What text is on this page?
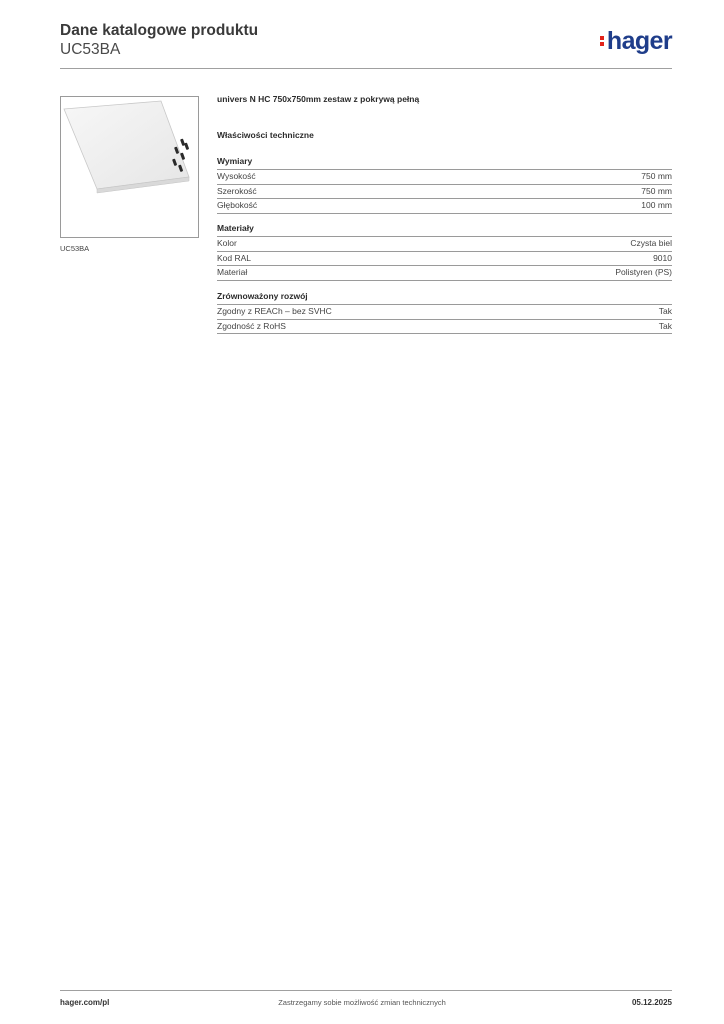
Dane katalogowe produktu
UC53BA	hager
UC53BA
univers N HC 750x750mm zestaw z pokrywą pełną
Właściwości techniczne
Wymiary
Wysokość	750 mm
Szerokość	750 mm
Głębokość	100 mm
Materiały
Kolor	Czysta biel
Kod RAL	9010
Materiał	Polistyren (PS)
Zrównoważony rozwój
Zgodny z REACh – bez SVHC	Tak
Zgodność z RoHS	Tak
hager.com/pl	Zastrzegamy sobie możliwość zmian technicznych	05.12.2025
